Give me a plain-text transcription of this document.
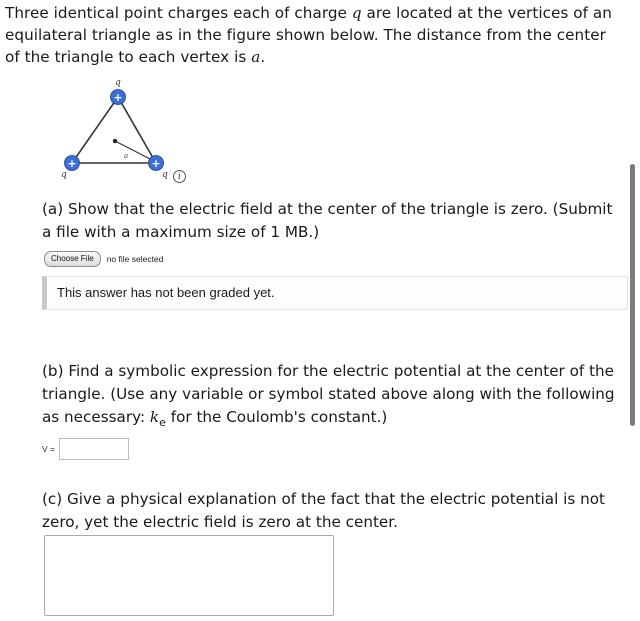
Three identical point charges each of charge q are located at the vertices of an equilateral triangle as in the figure shown below. The distance from the center of the triangle to each vertex is a.
q
q	q
a
+
+	+
i
(a) Show that the electric field at the center of the triangle is zero. (Submit a file with a maximum size of 1 MB.)
Choose File	no file selected
This answer has not been graded yet.
(b) Find a symbolic expression for the electric potential at the center of the triangle. (Use any variable or symbol stated above along with the following as necessary: $k_e$ for the Coulomb's constant.)
V =
(c) Give a physical explanation of the fact that the electric potential is not zero, yet the electric field is zero at the center.
